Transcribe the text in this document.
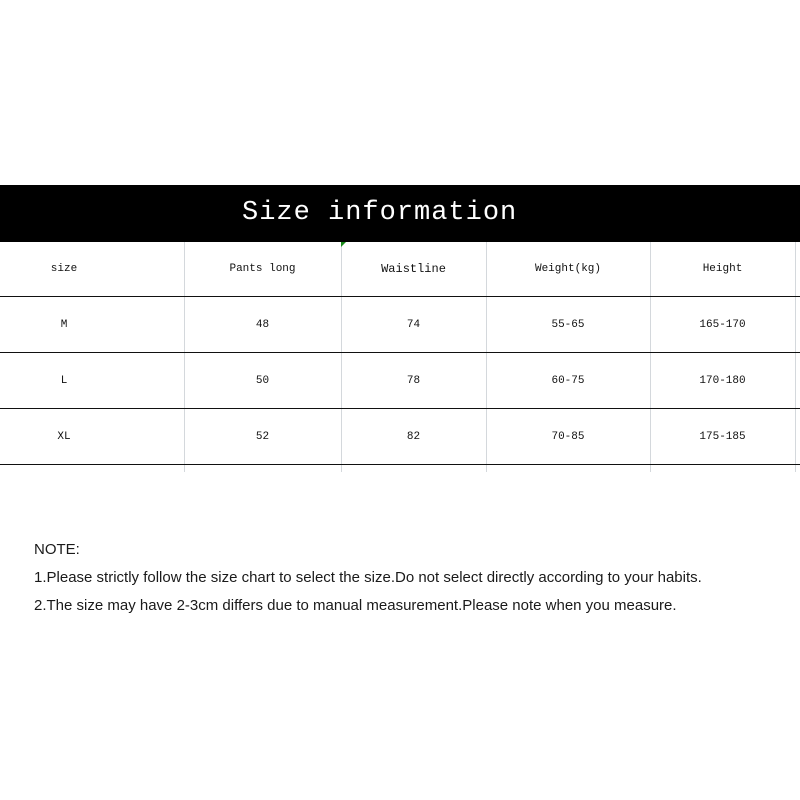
Size information
size	Pants long	Waistline	Weight(kg)	Height
M	48	74	55-65	165-170
L	50	78	60-75	170-180
XL	52	82	70-85	175-185
NOTE:
1.Please strictly follow the size chart to select the size.Do not select directly according to your habits.
2.The size may have 2-3cm differs due to manual measurement.Please note when you measure.
